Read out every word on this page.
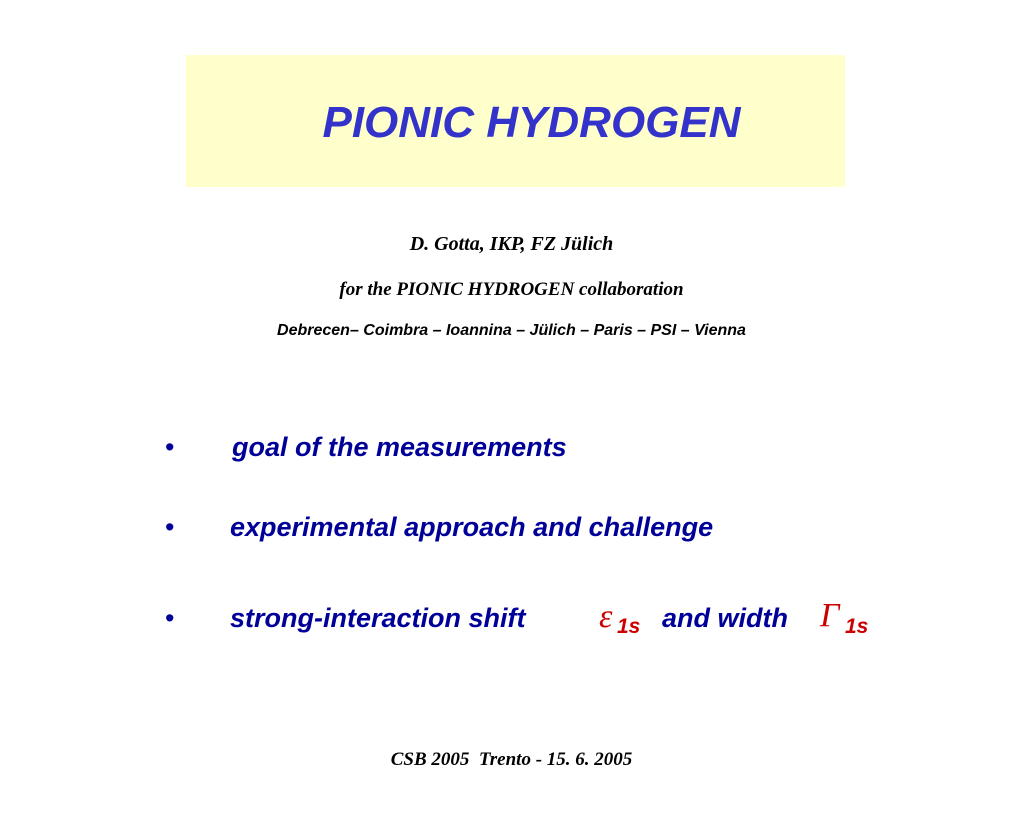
PIONIC HYDROGEN
D. Gotta, IKP, FZ Jülich
for the PIONIC HYDROGEN collaboration
Debrecen– Coimbra – Ioannina – Jülich – Paris – PSI – Vienna
• goal of the measurements
• experimental approach and challenge
• strong-interaction shift ε 1s and width Γ 1s
CSB 2005  Trento - 15. 6. 2005
